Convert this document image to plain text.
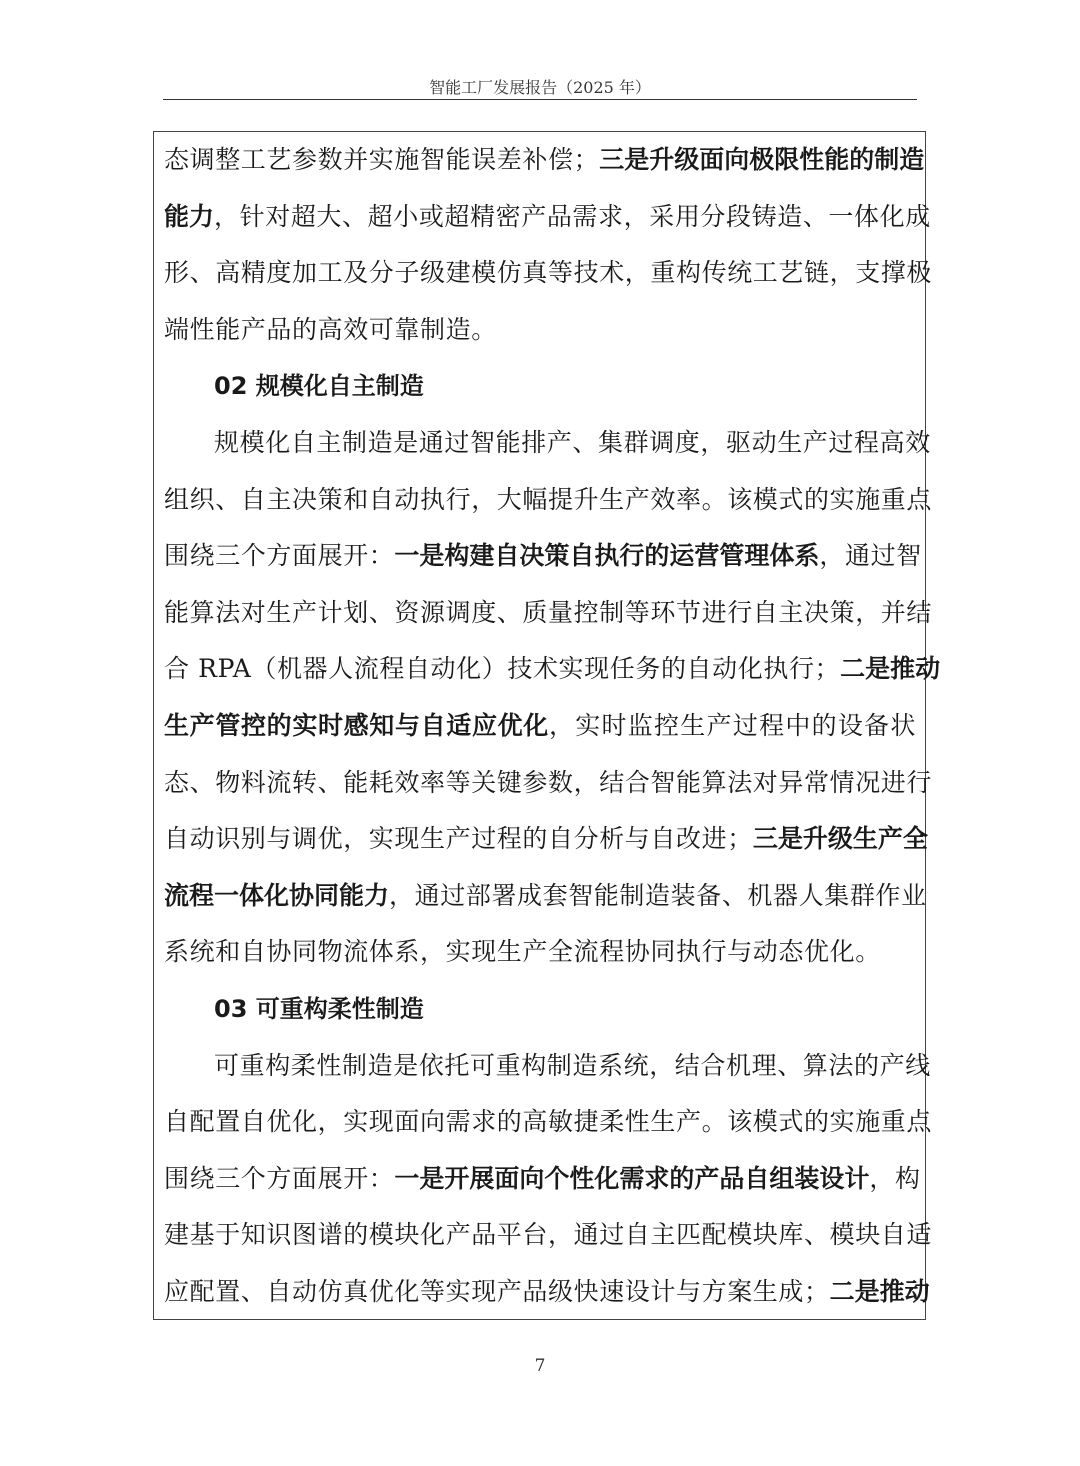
智能工厂发展报告（2025 年）
态调整工艺参数并实施智能误差补偿；三是升级面向极限性能的制造
能力，针对超大、超小或超精密产品需求，采用分段铸造、一体化成
形、高精度加工及分子级建模仿真等技术，重构传统工艺链，支撑极
端性能产品的高效可靠制造。
02 规模化自主制造
规模化自主制造是通过智能排产、集群调度，驱动生产过程高效
组织、自主决策和自动执行，大幅提升生产效率。该模式的实施重点
围绕三个方面展开：一是构建自决策自执行的运营管理体系，通过智
能算法对生产计划、资源调度、质量控制等环节进行自主决策，并结
合 RPA（机器人流程自动化）技术实现任务的自动化执行；二是推动
生产管控的实时感知与自适应优化，实时监控生产过程中的设备状
态、物料流转、能耗效率等关键参数，结合智能算法对异常情况进行
自动识别与调优，实现生产过程的自分析与自改进；三是升级生产全
流程一体化协同能力，通过部署成套智能制造装备、机器人集群作业
系统和自协同物流体系，实现生产全流程协同执行与动态优化。
03 可重构柔性制造
可重构柔性制造是依托可重构制造系统，结合机理、算法的产线
自配置自优化，实现面向需求的高敏捷柔性生产。该模式的实施重点
围绕三个方面展开：一是开展面向个性化需求的产品自组装设计，构
建基于知识图谱的模块化产品平台，通过自主匹配模块库、模块自适
应配置、自动仿真优化等实现产品级快速设计与方案生成；二是推动
7
